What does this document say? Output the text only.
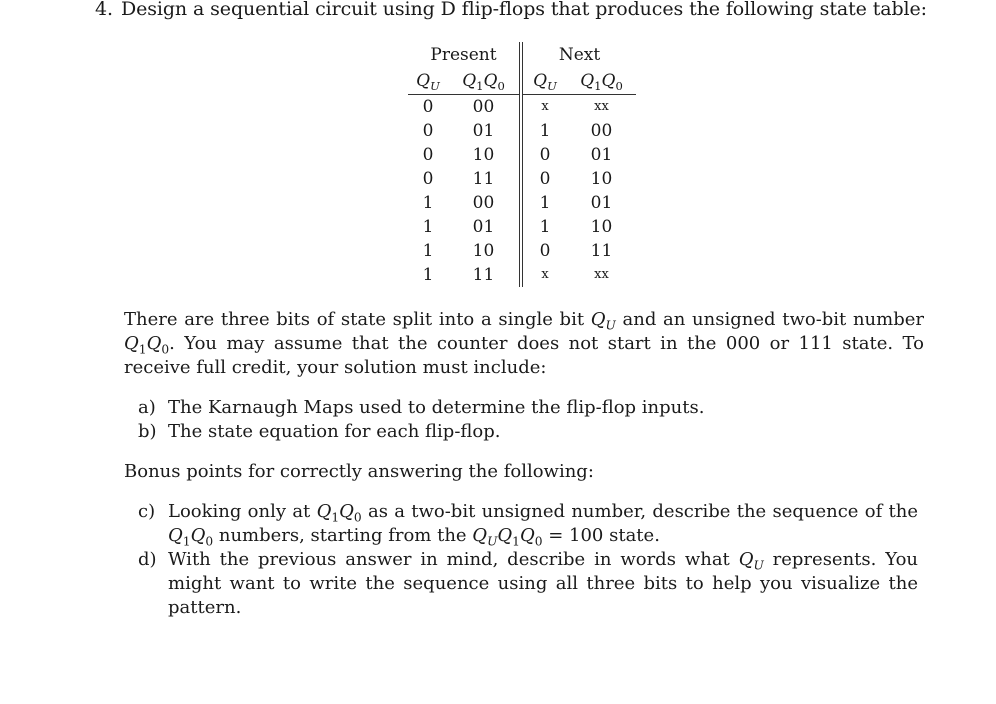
4. Design a sequential circuit using D flip-flops that produces the following state table:
Present		Next	
$Q_U$	$Q_1Q_0$	$Q_U$	$Q_1Q_0$
0	00	x	xx
0	01	1	00
0	10	0	01
0	11	0	10
1	00	1	01
1	01	1	10
1	10	0	11
1	11	x	xx
There are three bits of state split into a single bit $Q_U$ and an unsigned two-bit number $Q_1Q_0$. You may assume that the counter does not start in the 000 or 111 state. To receive full credit, your solution must include:
a) The Karnaugh Maps used to determine the flip-flop inputs.
b) The state equation for each flip-flop.
Bonus points for correctly answering the following:
c) Looking only at $Q_1Q_0$ as a two-bit unsigned number, describe the sequence of the $Q_1Q_0$ numbers, starting from the $Q_UQ_1Q_0 = 100$ state.
d) With the previous answer in mind, describe in words what $Q_U$ represents. You might want to write the sequence using all three bits to help you visualize the pattern.
